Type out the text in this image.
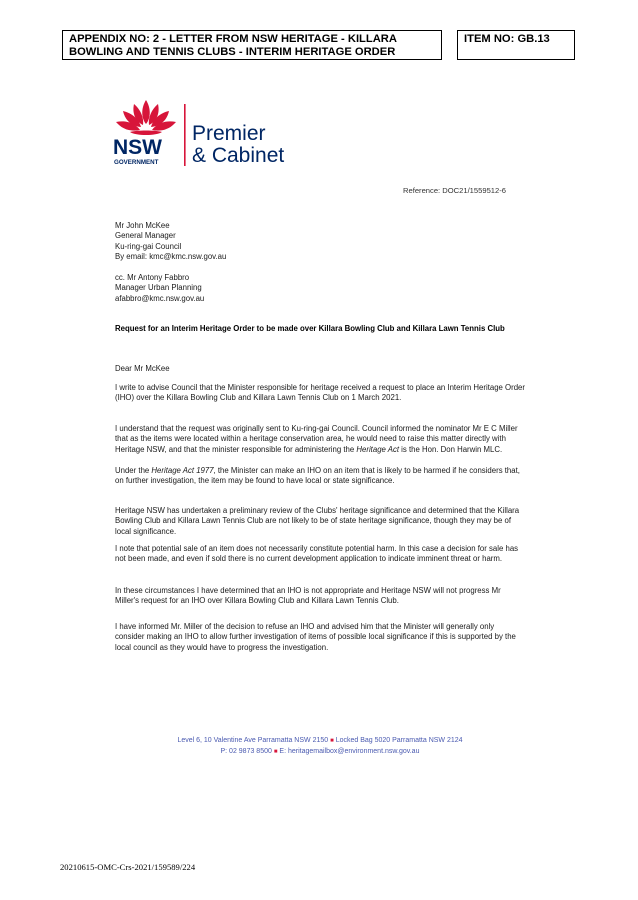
APPENDIX NO: 2 - LETTER FROM NSW HERITAGE - KILLARA BOWLING AND TENNIS CLUBS - INTERIM HERITAGE ORDER
ITEM NO: GB.13
NSW
GOVERNMENT
Premier
& Cabinet
Reference: DOC21/1559512-6
Mr John McKee
General Manager
Ku-ring-gai Council
By email: kmc@kmc.nsw.gov.au
cc. Mr Antony Fabbro
Manager Urban Planning
afabbro@kmc.nsw.gov.au
Request for an Interim Heritage Order to be made over Killara Bowling Club and Killara Lawn Tennis Club
Dear Mr McKee

I write to advise Council that the Minister responsible for heritage received a request to place an Interim Heritage Order (IHO) over the Killara Bowling Club and Killara Lawn Tennis Club on 1 March 2021.

I understand that the request was originally sent to Ku-ring-gai Council. Council informed the nominator Mr E C Miller that as the items were located within a heritage conservation area, he would need to raise this matter directly with Heritage NSW, and that the minister responsible for administering the Heritage Act is the Hon. Don Harwin MLC.

Under the Heritage Act 1977, the Minister can make an IHO on an item that is likely to be harmed if he considers that, on further investigation, the item may be found to have local or state significance.

Heritage NSW has undertaken a preliminary review of the Clubs' heritage significance and determined that the Killara Bowling Club and Killara Lawn Tennis Club are not likely to be of state heritage significance, though they may be of local significance.

I note that potential sale of an item does not necessarily constitute potential harm. In this case a decision for sale has not been made, and even if sold there is no current development application to indicate imminent threat or harm.

In these circumstances I have determined that an IHO is not appropriate and Heritage NSW will not progress Mr Miller's request for an IHO over Killara Bowling Club and Killara Lawn Tennis Club.

I have informed Mr. Miller of the decision to refuse an IHO and advised him that the Minister will generally only consider making an IHO to allow further investigation of items of possible local significance if this is supported by the local council as they would have to progress the investigation.

Level 6, 10 Valentine Ave Parramatta NSW 2150 ■ Locked Bag 5020 Parramatta NSW 2124
P: 02 9873 8500 ■ E: heritagemailbox@environment.nsw.gov.au
20210615-OMC-Crs-2021/159589/224
